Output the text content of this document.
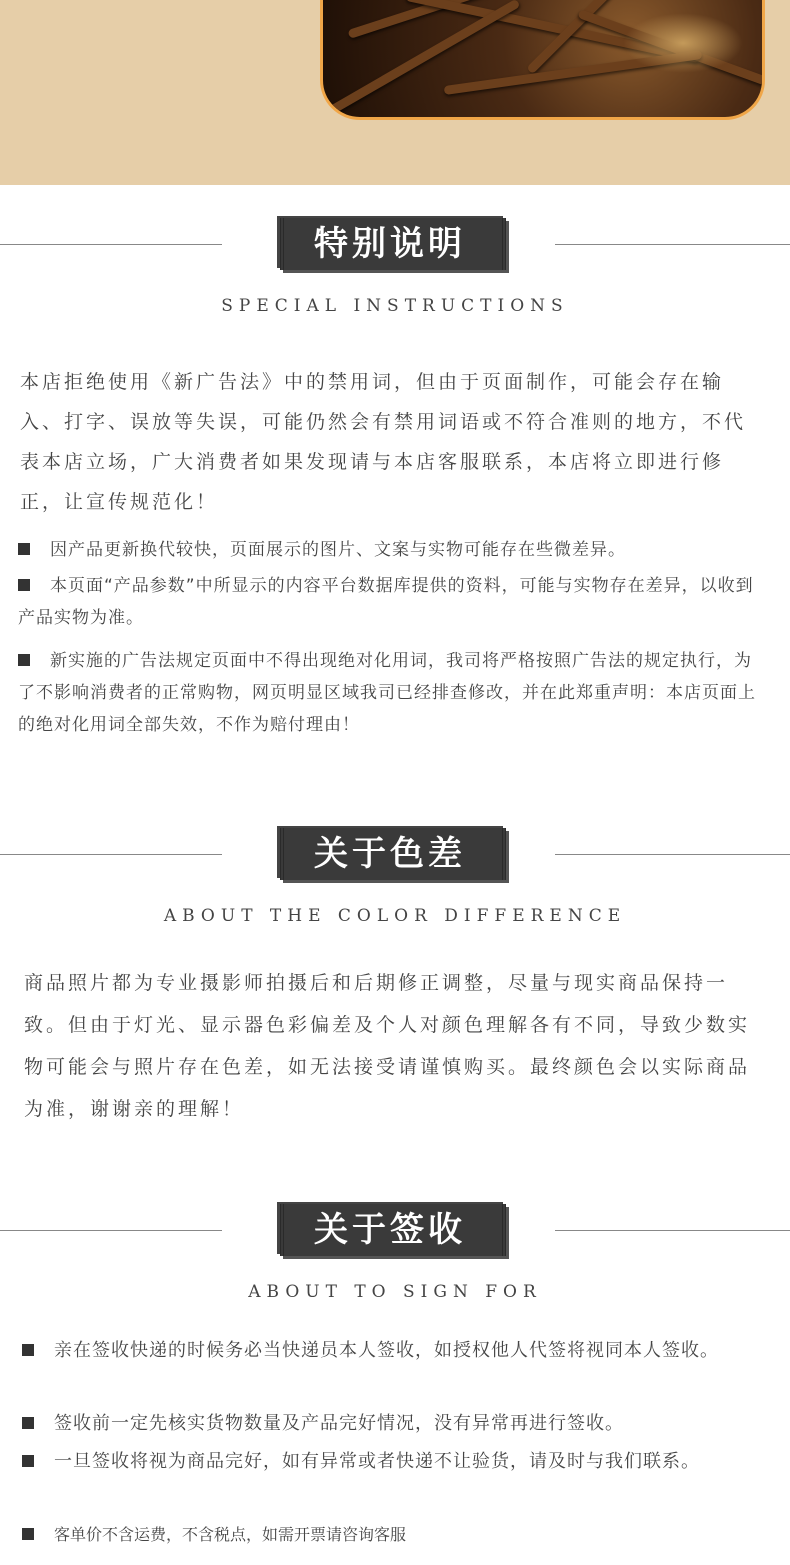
特别说明
SPECIAL INSTRUCTIONS
本店拒绝使用《新广告法》中的禁用词，但由于页面制作，可能会存在输入、打字、误放等失误，可能仍然会有禁用词语或不符合准则的地方，不代表本店立场，广大消费者如果发现请与本店客服联系，本店将立即进行修正，让宣传规范化！
因产品更新换代较快，页面展示的图片、文案与实物可能存在些微差异。
本页面“产品参数”中所显示的内容平台数据库提供的资料，可能与实物存在差异，以收到产品实物为准。
新实施的广告法规定页面中不得出现绝对化用词，我司将严格按照广告法的规定执行，为了不影响消费者的正常购物，网页明显区域我司已经排查修改，并在此郑重声明：本店页面上的绝对化用词全部失效，不作为赔付理由！
关于色差
ABOUT THE COLOR DIFFERENCE
商品照片都为专业摄影师拍摄后和后期修正调整，尽量与现实商品保持一致。但由于灯光、显示器色彩偏差及个人对颜色理解各有不同，导致少数实物可能会与照片存在色差，如无法接受请谨慎购买。最终颜色会以实际商品为准，谢谢亲的理解！
关于签收
ABOUT TO SIGN FOR
亲在签收快递的时候务必当快递员本人签收，如授权他人代签将视同本人签收。
签收前一定先核实货物数量及产品完好情况，没有异常再进行签收。
一旦签收将视为商品完好，如有异常或者快递不让验货，请及时与我们联系。
客单价不含运费，不含税点，如需开票请咨询客服
